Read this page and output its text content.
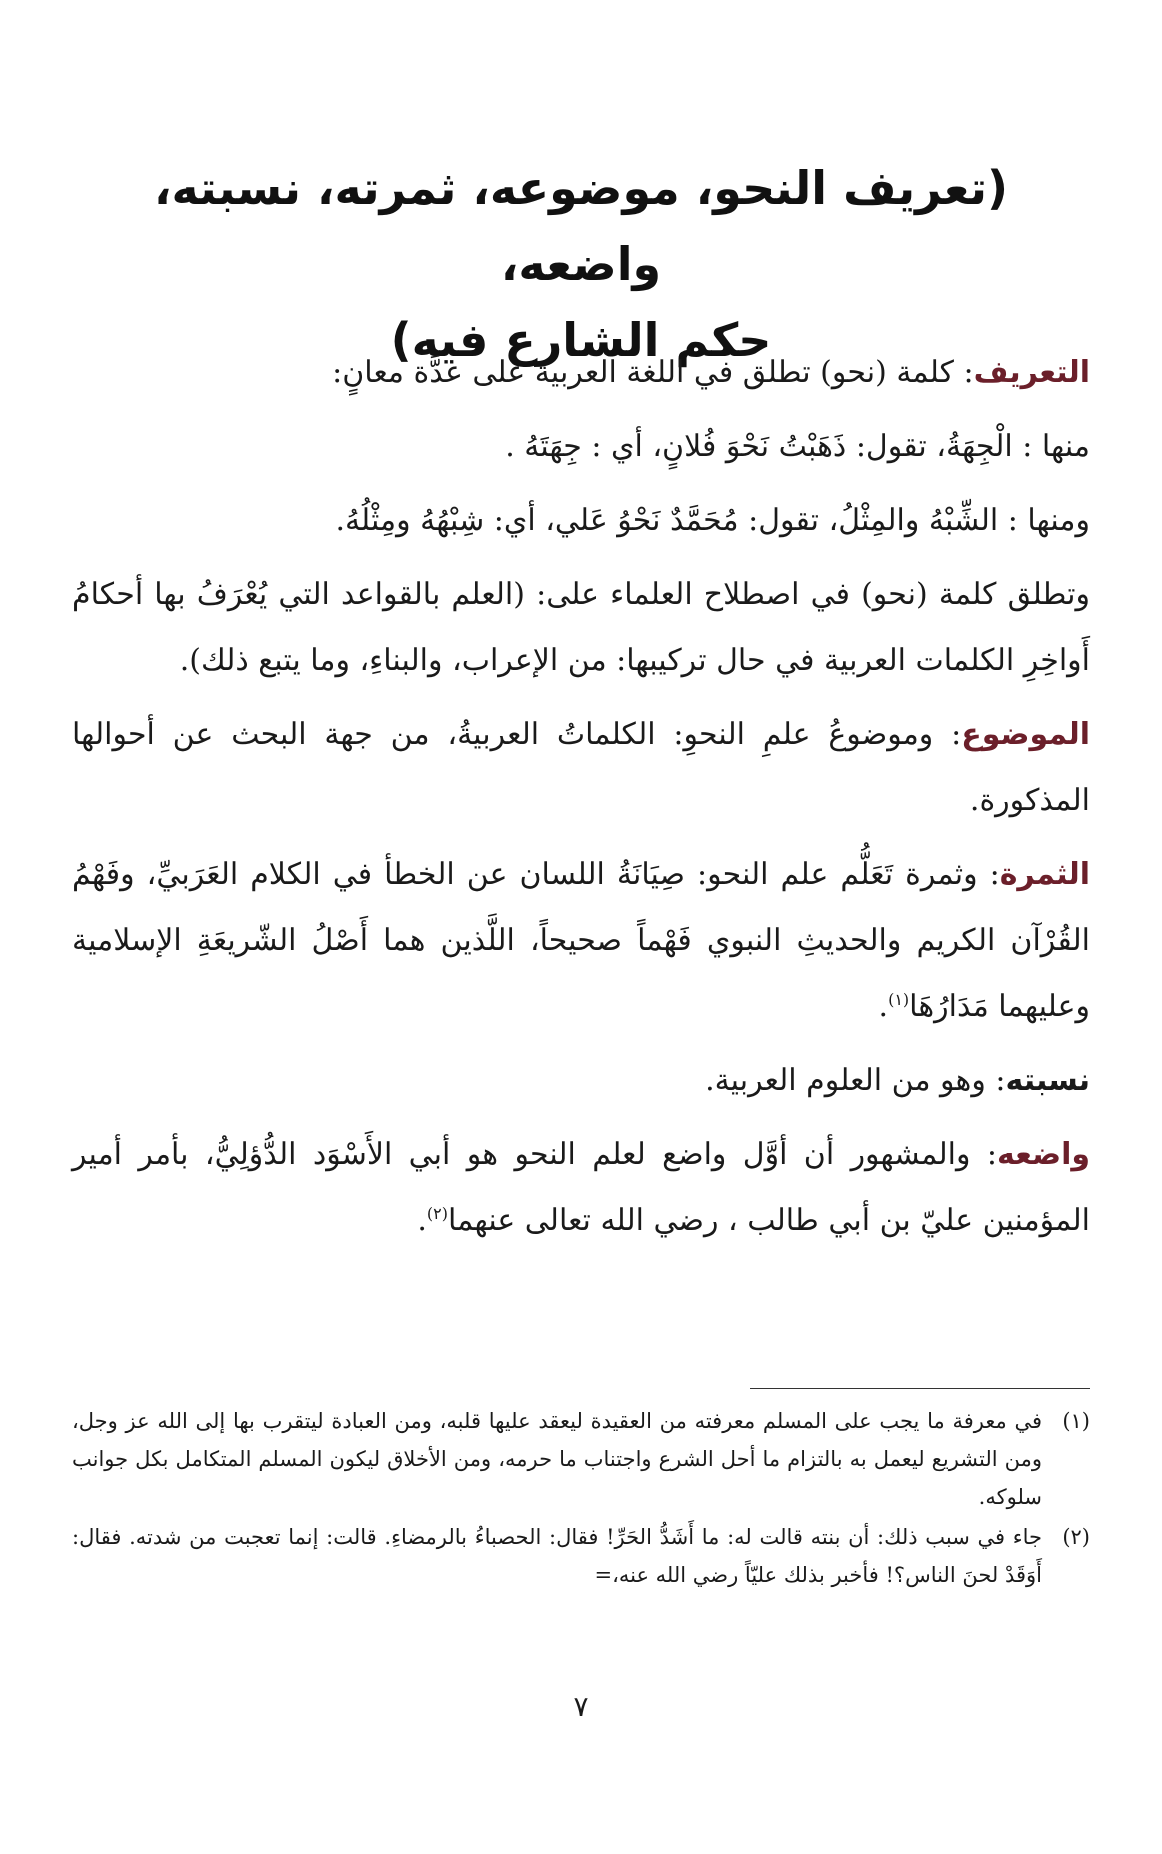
(تعريف النحو، موضوعه، ثمرته، نسبته، واضعه،
حكم الشارع فيه)

التعريف: كلمة (نحو) تطلق في اللغة العربية على عدَّة معانٍ:

منها : الْجِهَةُ، تقول: ذَهَبْتُ نَحْوَ فُلانٍ، أي : جِهَتَهُ .

ومنها : الشِّبْهُ والمِثْلُ، تقول: مُحَمَّدٌ نَحْوُ عَلي، أي: شِبْهُهُ ومِثْلُهُ.

وتطلق كلمة (نحو) في اصطلاح العلماء على: (العلم بالقواعد التي يُعْرَفُ بها أحكامُ أَواخِرِ الكلمات العربية في حال تركيبها: من الإعراب، والبناءِ، وما يتبع ذلك).

الموضوع: وموضوعُ علمِ النحوِ: الكلماتُ العربيةُ، من جهة البحث عن أحوالها المذكورة.

الثمرة: وثمرة تَعَلُّم علم النحو: صِيَانَةُ اللسان عن الخطأ في الكلام العَرَبيِّ، وفَهْمُ القُرْآن الكريم والحديثِ النبوي فَهْماً صحيحاً، اللَّذين هما أَصْلُ الشّريعَةِ الإسلامية وعليهما مَدَارُهَا$^{(١)}$.

نسبته: وهو من العلوم العربية.

واضعه: والمشهور أن أوَّل واضع لعلم النحو هو أبي الأَسْوَد الدُّؤلِيُّ، بأمر أمير المؤمنين عليّ بن أبي طالب ، رضي الله تعالى عنهما$^{(٢)}$.

(١)
في معرفة ما يجب على المسلم معرفته من العقيدة ليعقد عليها قلبه، ومن العبادة ليتقرب بها إلى الله عز وجل، ومن التشريع ليعمل به بالتزام ما أحل الشرع واجتناب ما حرمه، ومن الأخلاق ليكون المسلم المتكامل بكل جوانب سلوكه.
(٢)
جاء في سبب ذلك: أن بنته قالت له: ما أَشَدُّ الحَرِّ! فقال: الحصباءُ بالرمضاءِ. قالت: إنما تعجبت من شدته. فقال: أَوَقَدْ لحنَ الناس؟! فأخبر بذلك عليّاً رضي الله عنه،=
٧
